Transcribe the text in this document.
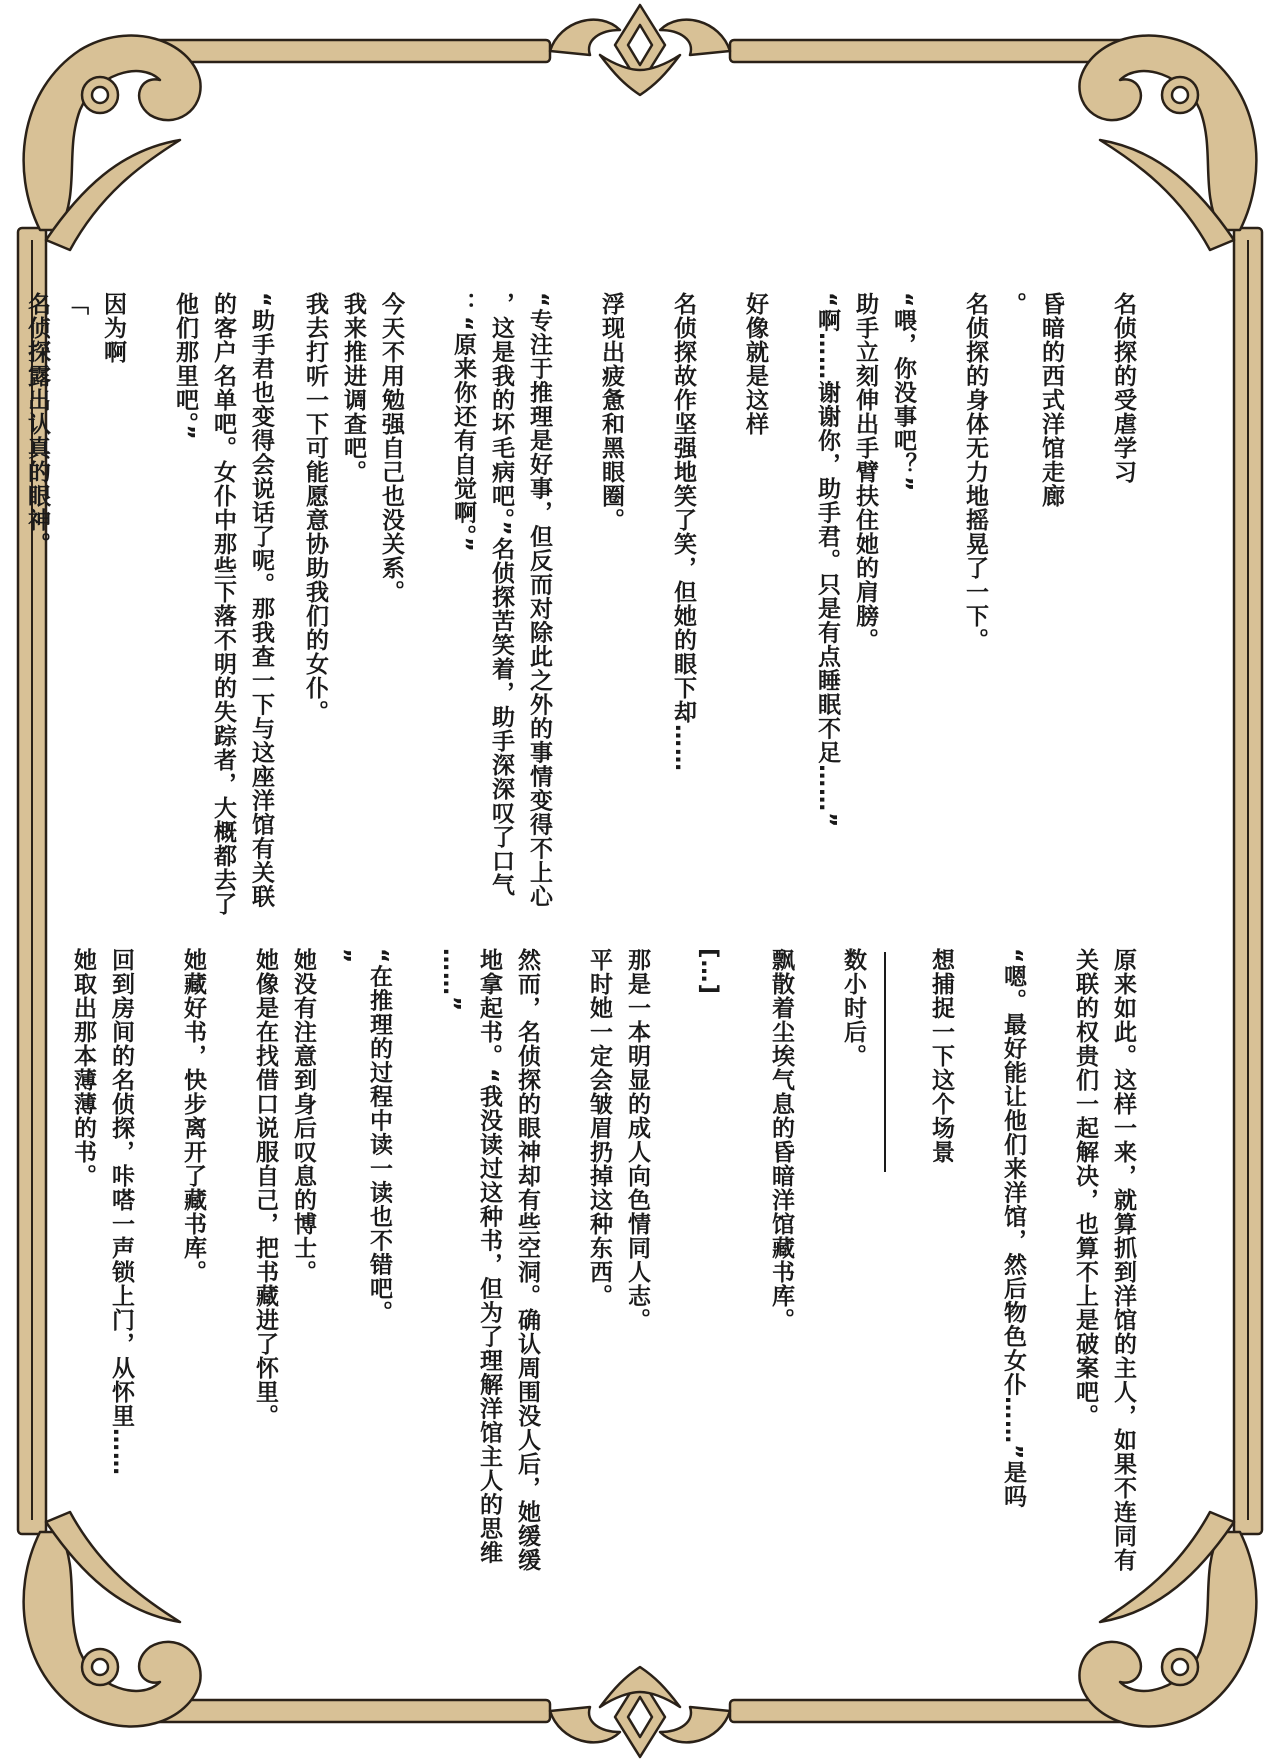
名侦探的受虐学习
昏暗的西式洋馆走廊
。
名侦探的身体无力地摇晃了一下。
“喂，你没事吧？”
助手立刻伸出手臂扶住她的肩膀。
“啊……谢谢你，助手君。只是有点睡眠不足……”
好像就是这样
名侦探故作坚强地笑了笑，但她的眼下却……
浮现出疲惫和黑眼圈。
“专注于推理是好事，但反而对除此之外的事情变得不上心
，这是我的坏毛病吧。”名侦探苦笑着，助手深深叹了口气
：“原来你还有自觉啊。”
今天不用勉强自己也没关系。
我来推进调查吧。
我去打听一下可能愿意协助我们的女仆。
“助手君也变得会说话了呢。那我查一下与这座洋馆有关联
的客户名单吧。女仆中那些下落不明的失踪者，大概都去了
他们那里吧。”
因为啊
「
名侦探露出认真的眼神。
原来如此。这样一来，就算抓到洋馆的主人，如果不连同有
关联的权贵们一起解决，也算不上是破案吧。
“嗯。最好能让他们来洋馆，然后物色女仆……”是吗
想捕捉一下这个场景
数小时后。
飘散着尘埃气息的昏暗洋馆藏书库。
[…]
那是一本明显的成人向色情同人志。
平时她一定会皱眉扔掉这种东西。
然而，名侦探的眼神却有些空洞。确认周围没人后，她缓缓
地拿起书。“我没读过这种书，但为了理解洋馆主人的思维
……”
“在推理的过程中读一读也不错吧。
”
她没有注意到身后叹息的博士。
她像是在找借口说服自己，把书藏进了怀里。
她藏好书，快步离开了藏书库。
回到房间的名侦探，咔嗒一声锁上门，从怀里……
她取出那本薄薄的书。
